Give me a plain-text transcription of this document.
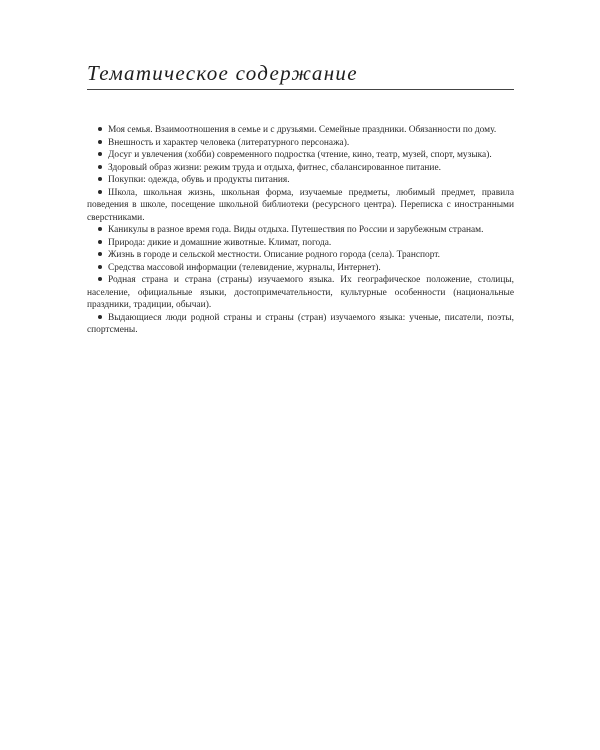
Тематическое содержание

Моя семья. Взаимоотношения в семье и с друзьями. Семейные праздники. Обязанности по дому.

Внешность и характер человека (литературного персонажа).

Досуг и увлечения (хобби) современного подростка (чтение, кино, театр, музей, спорт, музыка).

Здоровый образ жизни: режим труда и отдыха, фитнес, сбалансированное питание.

Покупки: одежда, обувь и продукты питания.

Школа, школьная жизнь, школьная форма, изучаемые предметы, любимый предмет, правила поведения в школе, посещение школьной библиотеки (ресурсного центра). Переписка с иностранными сверстниками.

Каникулы в разное время года. Виды отдыха. Путешествия по России и зарубежным странам.

Природа: дикие и домашние животные. Климат, погода.

Жизнь в городе и сельской местности. Описание родного города (села). Транспорт.

Средства массовой информации (телевидение, журналы, Интернет).

Родная страна и страна (страны) изучаемого языка. Их географическое положение, столицы, население, официальные языки, достопримечательности, культурные особенности (национальные праздники, традиции, обычаи).

Выдающиеся люди родной страны и страны (стран) изучаемого языка: ученые, писатели, поэты, спортсмены.
